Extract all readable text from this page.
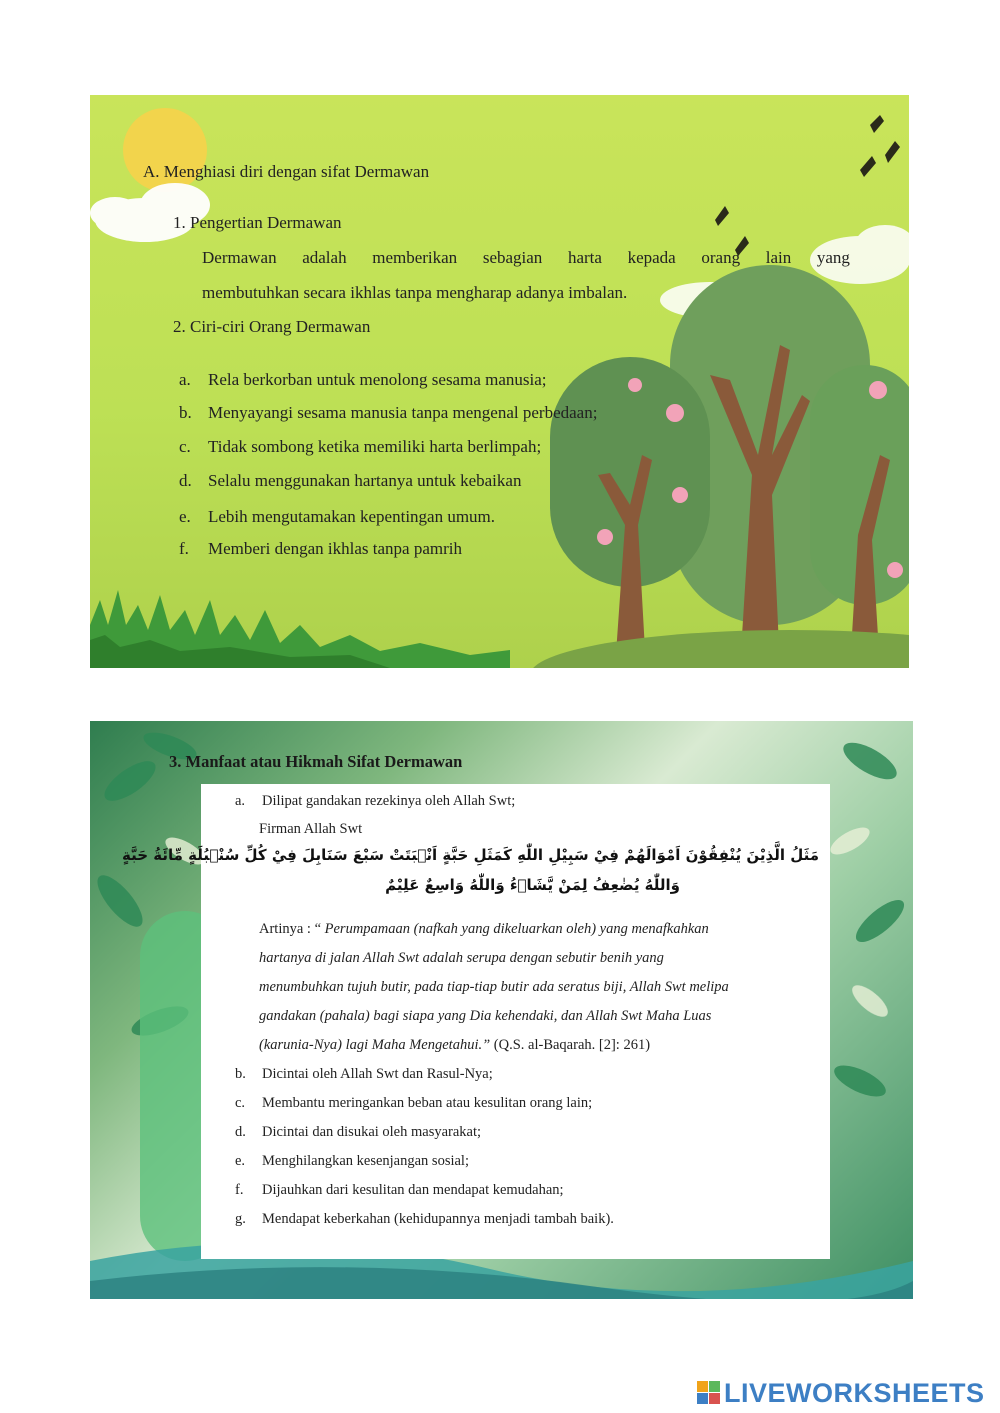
A. Menghiasi diri dengan sifat Dermawan
1. Pengertian Dermawan
Dermawan adalah memberikan sebagian harta kepada orang lain yang
membutuhkan secara ikhlas tanpa mengharap adanya imbalan.
2. Ciri-ciri Orang Dermawan
a. Rela berkorban untuk menolong sesama manusia;
b. Menyayangi sesama manusia tanpa mengenal perbedaan;
c. Tidak sombong ketika memiliki harta berlimpah;
d. Selalu menggunakan hartanya untuk kebaikan
e. Lebih mengutamakan kepentingan umum.
f. Memberi dengan ikhlas tanpa pamrih
3. Manfaat atau Hikmah Sifat Dermawan
a. Dilipat gandakan rezekinya oleh Allah Swt;
Firman Allah Swt
مَثَلُ الَّذِيْنَ يُنْفِقُوْنَ اَمْوَالَهُمْ فِيْ سَبِيْلِ اللّٰهِ كَمَثَلِ حَبَّةٍ اَنْۢبَتَتْ سَبْعَ سَنَابِلَ فِيْ كُلِّ سُنْۢبُلَةٍ مِّائَةُ حَبَّةٍ
وَاللّٰهُ يُضٰعِفُ لِمَنْ يَّشَاۤءُ وَاللّٰهُ وَاسِعٌ عَلِيْمٌ
Artinya : “ Perumpamaan (nafkah yang dikeluarkan oleh) yang menafkahkan
hartanya di jalan Allah Swt adalah serupa dengan sebutir benih yang
menumbuhkan tujuh butir, pada tiap-tiap butir ada seratus biji, Allah Swt melipa
gandakan (pahala) bagi siapa yang Dia kehendaki, dan Allah Swt Maha Luas
(karunia-Nya) lagi Maha Mengetahui.” (Q.S. al-Baqarah. [2]: 261)
b. Dicintai oleh Allah Swt dan Rasul-Nya;
c. Membantu meringankan beban atau kesulitan orang lain;
d. Dicintai dan disukai oleh masyarakat;
e. Menghilangkan kesenjangan sosial;
f. Dijauhkan dari kesulitan dan mendapat kemudahan;
g. Mendapat keberkahan (kehidupannya menjadi tambah baik).
LIVEWORKSHEETS
